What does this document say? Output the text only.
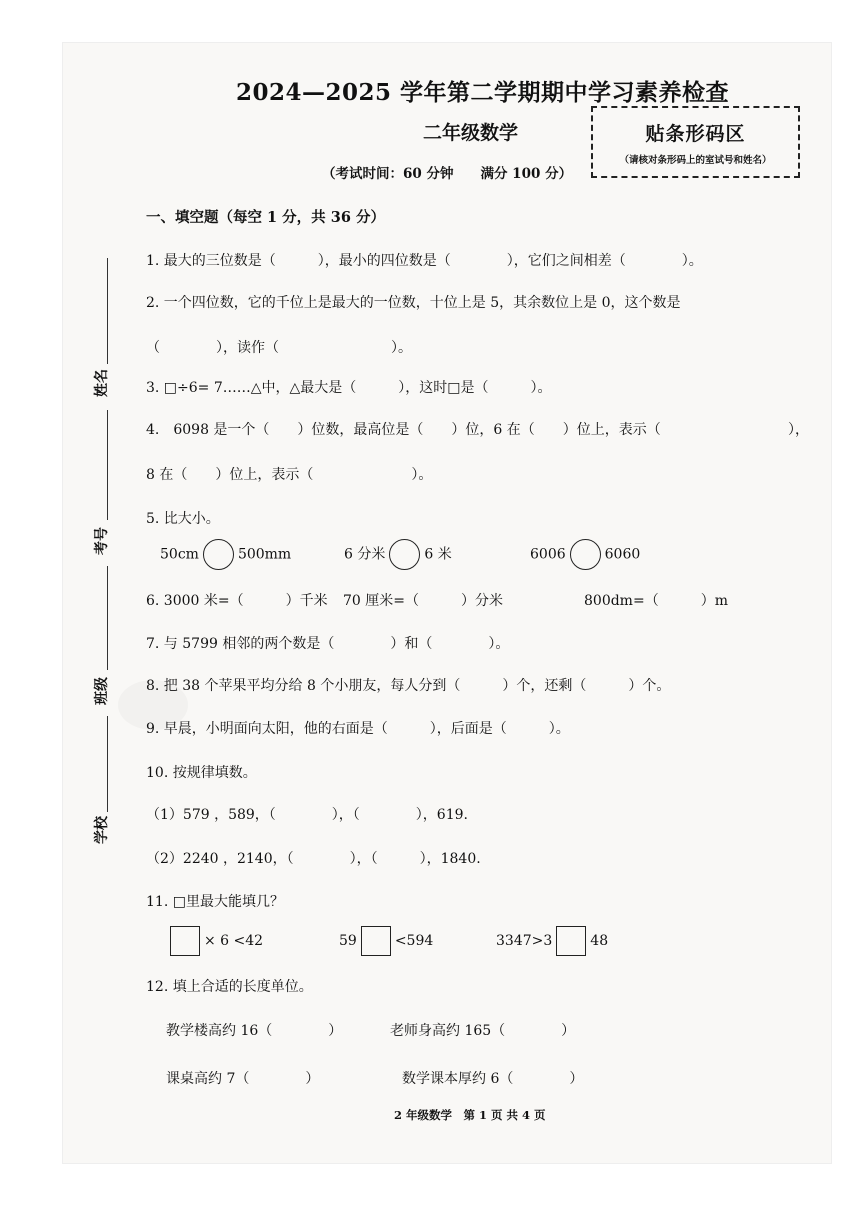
2024—2025 学年第二学期期中学习素养检查
二年级数学
（考试时间：60 分钟　　满分 100 分）
贴条形码区
（请核对条形码上的室试号和姓名）
姓名
考号
班级
学校
一、填空题（每空 1 分，共 36 分）
1. 最大的三位数是（　　　），最小的四位数是（　　　　），它们之间相差（　　　　）。
2. 一个四位数，它的千位上是最大的一位数，十位上是 5，其余数位上是 0，这个数是
（　　　　），读作（　　　　　　　　）。
3. □÷6= 7……△中，△最大是（　　　），这时□是（　　　）。
4.　6098 是一个（　　）位数，最高位是（　　）位，6 在（　　）位上，表示（	），
8 在（　　）位上，表示（　　　　　　　）。
5. 比大小。
50cm	500mm	6 分米	6 米	6006	6060
6. 3000 米=（　　　）千米 70 厘米=（　　　）分米	800dm=（　　　）m
7. 与 5799 相邻的两个数是（　　　　）和（　　　　）。
8. 把 38 个苹果平均分给 8 个小朋友，每人分到（　　　）个，还剩（　　　）个。
9. 早晨，小明面向太阳，他的右面是（　　　），后面是（　　　）。
10. 按规律填数。
（1）579 ，589，（　　　　），（　　　　），619.
（2）2240 ，2140，（　　　　），（　　　），1840.
11. □里最大能填几？
× 6 <42	59	<594	3347>3	48
12. 填上合适的长度单位。
教学楼高约 16（　　　　）	老师身高约 165（　　　　）
课桌高约 7（　　　　）	数学课本厚约 6（　　　　）
2 年级数学　第 1 页 共 4 页
